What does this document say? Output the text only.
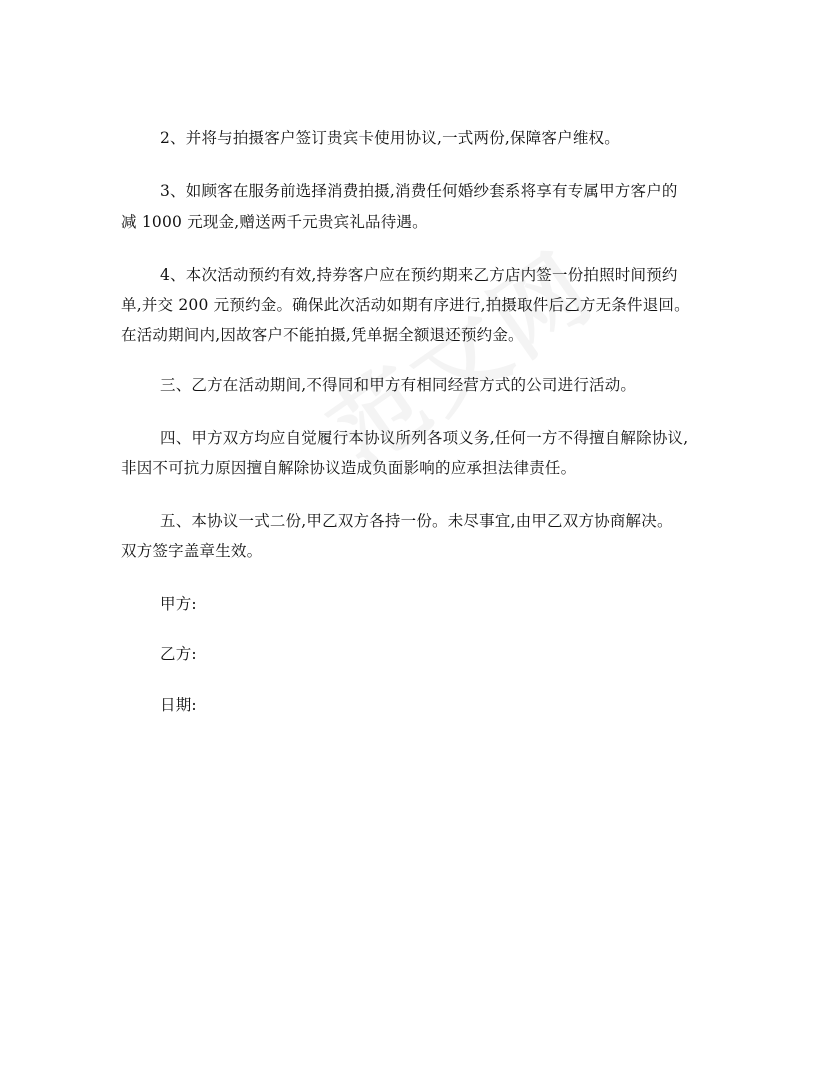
2、并将与拍摄客户签订贵宾卡使用协议,一式两份,保障客户维权。
3、如顾客在服务前选择消费拍摄,消费任何婚纱套系将享有专属甲方客户的
减 1000 元现金,赠送两千元贵宾礼品待遇。
4、本次活动预约有效,持券客户应在预约期来乙方店内签一份拍照时间预约
单,并交 200 元预约金。确保此次活动如期有序进行,拍摄取件后乙方无条件退回。
在活动期间内,因故客户不能拍摄,凭单据全额退还预约金。
三、乙方在活动期间,不得同和甲方有相同经营方式的公司进行活动。
四、甲方双方均应自觉履行本协议所列各项义务,任何一方不得擅自解除协议,
非因不可抗力原因擅自解除协议造成负面影响的应承担法律责任。
五、本协议一式二份,甲乙双方各持一份。未尽事宜,由甲乙双方协商解决。
双方签字盖章生效。
甲方:
乙方:
日期:
